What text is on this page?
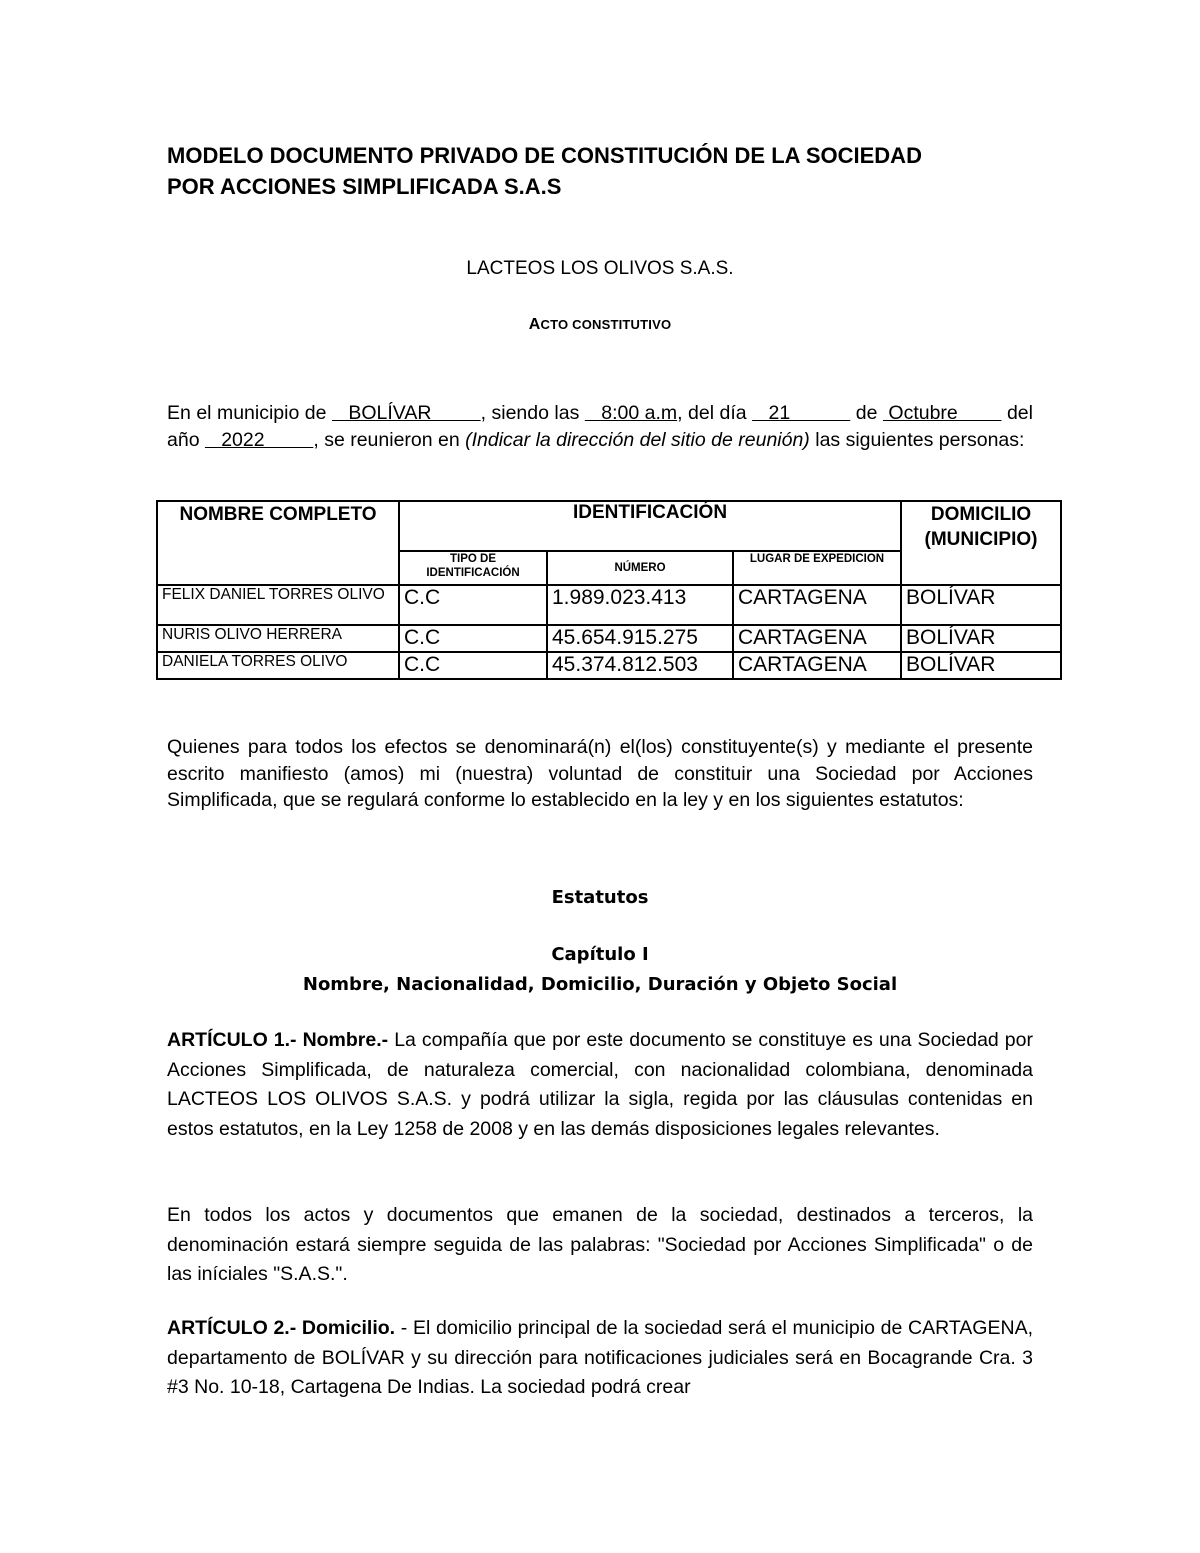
MODELO DOCUMENTO PRIVADO DE CONSTITUCIÓN DE LA SOCIEDAD
POR ACCIONES SIMPLIFICADA S.A.S

LACTEOS LOS OLIVOS S.A.S.

ACTO CONSTITUTIVO

En el municipio de    BOLÍVAR         , siendo las    8:00 a.m, del día    21            de  Octubre         del año    2022         , se reunieron en (Indicar la dirección del sitio de reunión) las siguientes personas:

NOMBRE COMPLETO	IDENTIFICACIÓN			DOMICILIO (MUNICIPIO)
	TIPO DE IDENTIFICACIÓN	NÚMERO	LUGAR DE EXPEDICION	
FELIX DANIEL TORRES OLIVO	C.C	1.989.023.413	CARTAGENA	BOLÍVAR
NURIS OLIVO HERRERA	C.C	45.654.915.275	CARTAGENA	BOLÍVAR
DANIELA TORRES OLIVO	C.C	45.374.812.503	CARTAGENA	BOLÍVAR

Quienes para todos los efectos se denominará(n) el(los) constituyente(s) y mediante el presente escrito manifiesto (amos) mi (nuestra) voluntad de constituir una Sociedad por Acciones Simplificada, que se regulará conforme lo establecido en la ley y en los siguientes estatutos:

Estatutos

Capítulo I

Nombre, Nacionalidad, Domicilio, Duración y Objeto Social

ARTÍCULO 1.- Nombre.- La compañía que por este documento se constituye es una Sociedad por Acciones Simplificada, de naturaleza comercial, con nacionalidad colombiana, denominada LACTEOS LOS OLIVOS S.A.S. y podrá utilizar la sigla, regida por las cláusulas contenidas en estos estatutos, en la Ley 1258 de 2008 y en las demás disposiciones legales relevantes.

En todos los actos y documentos que emanen de la sociedad, destinados a terceros, la denominación estará siempre seguida de las palabras: "Sociedad por Acciones Simplificada" o de las iníciales "S.A.S.".

ARTÍCULO 2.- Domicilio. - El domicilio principal de la sociedad será el municipio de CARTAGENA, departamento de BOLÍVAR y su dirección para notificaciones judiciales será en Bocagrande Cra. 3 #3 No. 10-18, Cartagena De Indias. La sociedad podrá crear
